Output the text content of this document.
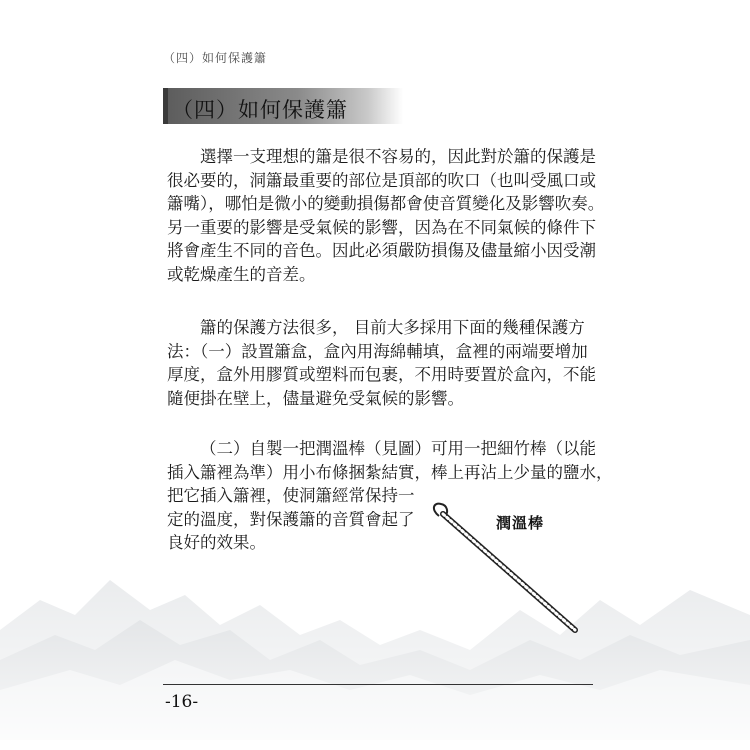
（四）如何保護簫
（四）如何保護簫
選擇一支理想的簫是很不容易的，因此對於簫的保護是
很必要的，洞簫最重要的部位是頂部的吹口（也叫受風口或
簫嘴），哪怕是微小的變動損傷都會使音質變化及影響吹奏。
另一重要的影響是受氣候的影響，因為在不同氣候的條件下
將會產生不同的音色。因此必須嚴防損傷及儘量縮小因受潮
或乾燥產生的音差。
簫的保護方法很多， 目前大多採用下面的幾種保護方
法：（一）設置簫盒，盒內用海綿輔填，盒裡的兩端要增加
厚度，盒外用膠質或塑料而包裹，不用時要置於盒內，不能
隨便掛在壁上，儘量避免受氣候的影響。
（二）自製一把潤溫棒（見圖）可用一把細竹棒（以能
插入簫裡為準）用小布條捆紮結實，棒上再沾上少量的鹽水，
把它插入簫裡，使洞簫經常保持一
定的溫度，對保護簫的音質會起了	潤溫棒
-16-
